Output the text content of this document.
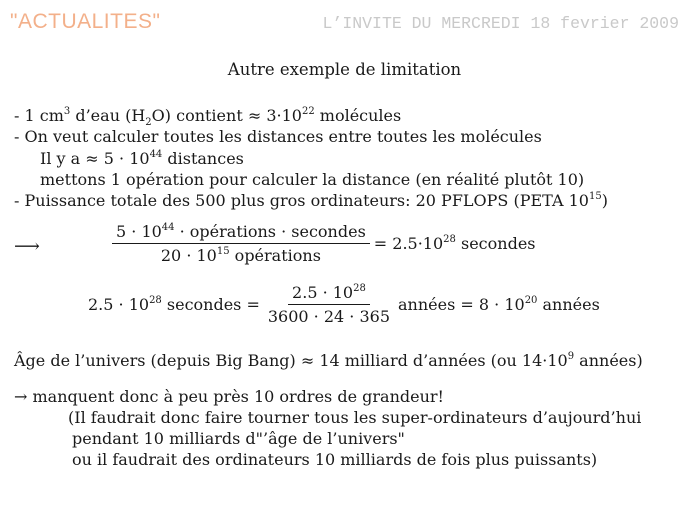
"ACTUALITES"	L’INVITE DU MERCREDI 18 fevrier 2009
Autre exemple de limitation
- 1 $cm^3$ d’eau $(H_2O)$ contient ≈ $3\cdot 10^{22}$ molécules
- On veut calculer toutes les distances entre toutes les molécules
Il y $a \approx 5 \cdot 10^{44}$ distances
mettons 1 opération pour calculer la distance (en réalité plutôt 10)
- Puissance totale des 500 plus gros ordinateurs: 20 PFLOPS (PETA $10^{15}$)
⟶	$\frac{5 \cdot 10^{44} \cdot opérations \cdot secondes}{20 \cdot 10^{15} opérations} = 2.5\cdot 10^{28}$ secondes
$2.5 \cdot 10^{28}$ secondes = $\frac{2.5 \cdot 10^{28}}{3600 \cdot 24 \cdot 365}$ années = $8 \cdot 10^{20}$ années
Âge de l’univers (depuis Big Bang) ≈ 14 milliard d’années (ou $14\cdot 10^9$ années)
→ manquent donc à peu près 10 ordres de grandeur!
(Il faudrait donc faire tourner tous les super-ordinateurs d’aujourd’hui
pendant 10 milliards d"’âge de l’univers"
ou il faudrait des ordinateurs 10 milliards de fois plus puissants)
